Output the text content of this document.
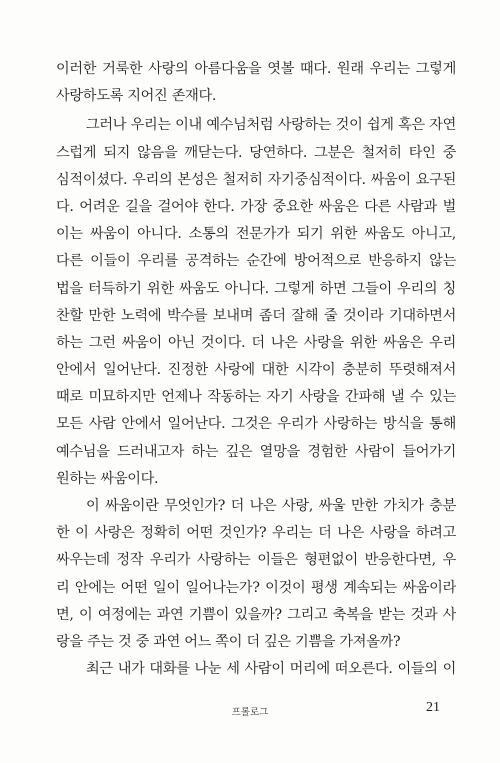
이러한 거룩한 사랑의 아름다움을 엿볼 때다. 원래 우리는 그렇게
사랑하도록 지어진 존재다.
그러나 우리는 이내 예수님처럼 사랑하는 것이 쉽게 혹은 자연
스럽게 되지 않음을 깨닫는다. 당연하다. 그분은 철저히 타인 중
심적이셨다. 우리의 본성은 철저히 자기중심적이다. 싸움이 요구된
다. 어려운 길을 걸어야 한다. 가장 중요한 싸움은 다른 사람과 벌
이는 싸움이 아니다. 소통의 전문가가 되기 위한 싸움도 아니고,
다른 이들이 우리를 공격하는 순간에 방어적으로 반응하지 않는
법을 터득하기 위한 싸움도 아니다. 그렇게 하면 그들이 우리의 칭
찬할 만한 노력에 박수를 보내며 좀더 잘해 줄 것이라 기대하면서
하는 그런 싸움이 아닌 것이다. 더 나은 사랑을 위한 싸움은 우리
안에서 일어난다. 진정한 사랑에 대한 시각이 충분히 뚜렷해져서
때로 미묘하지만 언제나 작동하는 자기 사랑을 간파해 낼 수 있는
모든 사람 안에서 일어난다. 그것은 우리가 사랑하는 방식을 통해
예수님을 드러내고자 하는 깊은 열망을 경험한 사람이 들어가기
원하는 싸움이다.
이 싸움이란 무엇인가? 더 나은 사랑, 싸울 만한 가치가 충분
한 이 사랑은 정확히 어떤 것인가? 우리는 더 나은 사랑을 하려고
싸우는데 정작 우리가 사랑하는 이들은 형편없이 반응한다면, 우
리 안에는 어떤 일이 일어나는가? 이것이 평생 계속되는 싸움이라
면, 이 여정에는 과연 기쁨이 있을까? 그리고 축복을 받는 것과 사
랑을 주는 것 중 과연 어느 쪽이 더 깊은 기쁨을 가져올까?
최근 내가 대화를 나눈 세 사람이 머리에 떠오른다. 이들의 이
프롤로그	21
